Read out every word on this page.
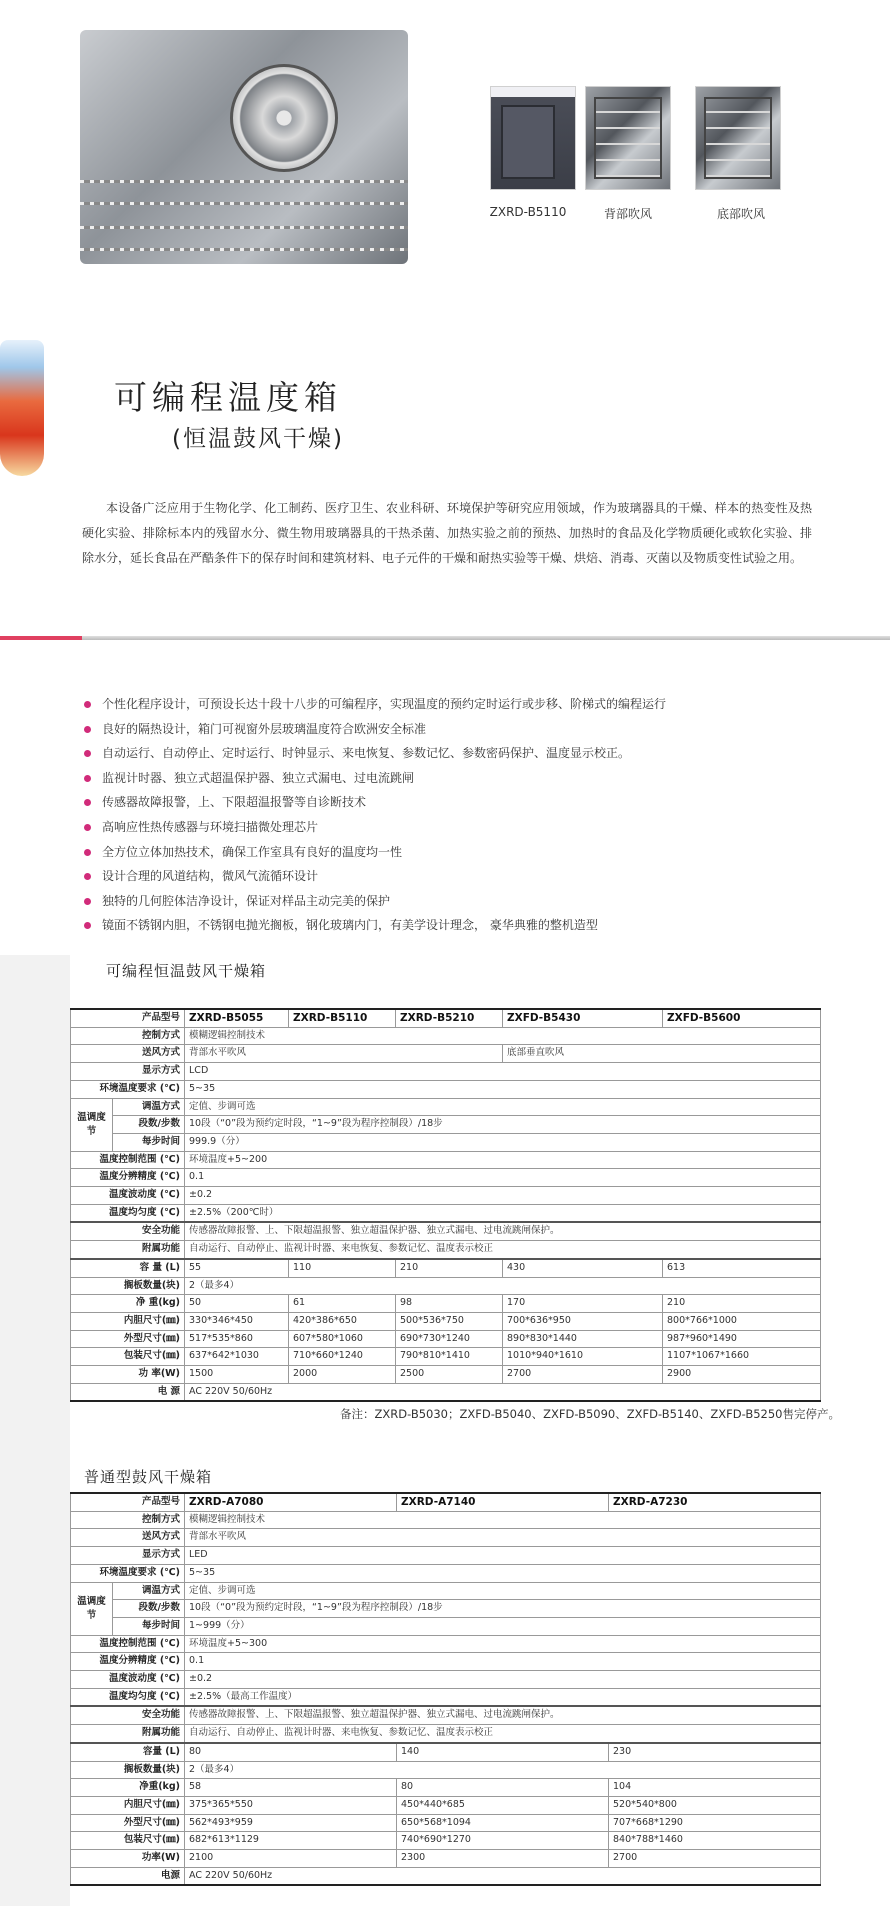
ZXRD-B5110	背部吹风	底部吹风
可编程温度箱
(恒温鼓风干燥)

本设备广泛应用于生物化学、化工制药、医疗卫生、农业科研、环境保护等研究应用领域，作为玻璃器具的干燥、样本的热变性及热硬化实验、排除标本内的残留水分、微生物用玻璃器具的干热杀菌、加热实验之前的预热、加热时的食品及化学物质硬化或软化实验、排除水分，延长食品在严酷条件下的保存时间和建筑材料、电子元件的干燥和耐热实验等干燥、烘焙、消毒、灭菌以及物质变性试验之用。

个性化程序设计，可预设长达十段十八步的可编程序，实现温度的预约定时运行或步移、阶梯式的编程运行
良好的隔热设计，箱门可视窗外层玻璃温度符合欧洲安全标准
自动运行、自动停止、定时运行、时钟显示、来电恢复、参数记忆、参数密码保护、温度显示校正。
监视计时器、独立式超温保护器、独立式漏电、过电流跳闸
传感器故障报警，上、下限超温报警等自诊断技术
高响应性热传感器与环境扫描微处理芯片
全方位立体加热技术，确保工作室具有良好的温度均一性
设计合理的风道结构，微风气流循环设计
独特的几何腔体洁净设计，保证对样品主动完美的保护
镜面不锈钢内胆，不锈钢电抛光搁板，钢化玻璃内门，有美学设计理念， 豪华典雅的整机造型
可编程恒温鼓风干燥箱
产品型号		ZXRD-B5055	ZXRD-B5110	ZXRD-B5210	ZXFD-B5430	ZXFD-B5600
控制方式		模糊逻辑控制技术				
送风方式		背部水平吹风			底部垂直吹风	
显示方式		LCD				
环境温度要求 (℃)		5~35				
温调度节	调温方式	定值、步调可选				
	段数/步数	10段（“0”段为预约定时段，“1~9”段为程序控制段）/18步				
	每步时间	999.9（分）				
温度控制范围 (℃)		环境温度+5~200				
温度分辨精度 (℃)		0.1				
温度波动度 (℃)		±0.2				
温度均匀度 (℃)		±2.5%（200℃时）				
安全功能		传感器故障报警、上、下限超温报警、独立超温保护器、独立式漏电、过电流跳闸保护。				
附属功能		自动运行、自动停止、监视计时器、来电恢复、参数记忆、温度表示校正				
容 量 (L)		55	110	210	430	613
搁板数量(块)		2（最多4）				
净 重(kg)		50	61	98	170	210
内胆尺寸(㎜)		330*346*450	420*386*650	500*536*750	700*636*950	800*766*1000
外型尺寸(㎜)		517*535*860	607*580*1060	690*730*1240	890*830*1440	987*960*1490
包装尺寸(㎜)		637*642*1030	710*660*1240	790*810*1410	1010*940*1610	1107*1067*1660
功 率(W)		1500	2000	2500	2700	2900
电 源		AC 220V 50/60Hz				
备注：ZXRD-B5030；ZXFD-B5040、ZXFD-B5090、ZXFD-B5140、ZXFD-B5250售完停产。
普通型鼓风干燥箱
产品型号		ZXRD-A7080	ZXRD-A7140	ZXRD-A7230
控制方式		模糊逻辑控制技术		
送风方式		背部水平吹风		
显示方式		LED		
环境温度要求 (℃)		5~35		
温调度节	调温方式	定值、步调可选		
	段数/步数	10段（“0”段为预约定时段，“1~9”段为程序控制段）/18步		
	每步时间	1~999（分）		
温度控制范围 (℃)		环境温度+5~300		
温度分辨精度 (℃)		0.1		
温度波动度 (℃)		±0.2		
温度均匀度 (℃)		±2.5%（最高工作温度）		
安全功能		传感器故障报警、上、下限超温报警、独立超温保护器、独立式漏电、过电流跳闸保护。		
附属功能		自动运行、自动停止、监视计时器、来电恢复、参数记忆、温度表示校正		
容量 (L)		80	140	230
搁板数量(块)		2（最多4）		
净重(kg)		58	80	104
内胆尺寸(㎜)		375*365*550	450*440*685	520*540*800
外型尺寸(㎜)		562*493*959	650*568*1094	707*668*1290
包装尺寸(㎜)		682*613*1129	740*690*1270	840*788*1460
功率(W)		2100	2300	2700
电源		AC 220V 50/60Hz		
